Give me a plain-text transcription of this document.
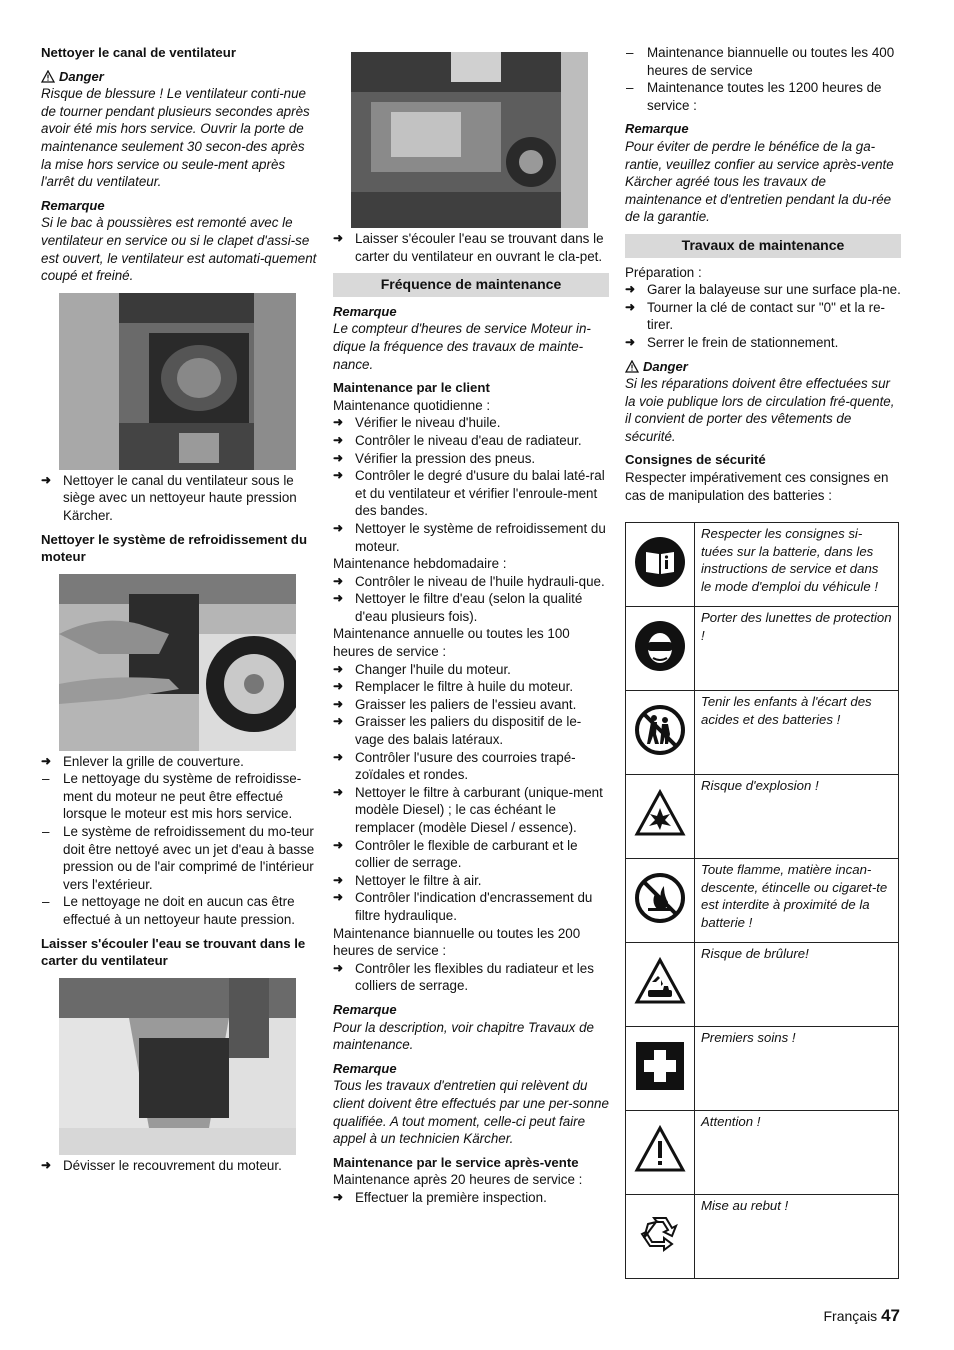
Nettoyer le canal de ventilateur

Danger

Risque de blessure ! Le ventilateur conti-nue de tourner pendant plusieurs secondes après avoir été mis hors service. Ouvrir la porte de maintenance seulement 30 secon-des après la mise hors service ou seule-ment après l'arrêt du ventilateur.

Remarque

Si le bac à poussières est remonté avec le ventilateur en service ou si le clapet d'assi-se est ouvert, le ventilateur est automati-quement coupé et freiné.

➜ Nettoyer le canal du ventilateur sous le siège avec un nettoyeur haute pression Kärcher.

Nettoyer le système de refroidissement du moteur

➜ Enlever la grille de couverture.
– Le nettoyage du système de refroidisse-ment du moteur ne peut être effectué lorsque le moteur est mis hors service.
– Le système de refroidissement du mo-teur doit être nettoyé avec un jet d'eau à basse pression ou de l'air comprimé de l'intérieur vers l'extérieur.
– Le nettoyage ne doit en aucun cas être effectué à un nettoyeur haute pression.

Laisser s'écouler l'eau se trouvant dans le carter du ventilateur

➜ Dévisser le recouvrement du moteur.
➜ Laisser s'écouler l'eau se trouvant dans le carter du ventilateur en ouvrant le cla-pet.
Fréquence de maintenance

Remarque

Le compteur d'heures de service Moteur in-dique la fréquence des travaux de mainte-nance.

Maintenance par le client

Maintenance quotidienne :

➜ Vérifier le niveau d'huile.
➜ Contrôler le niveau d'eau de radiateur.
➜ Vérifier la pression des pneus.
➜ Contrôler le degré d'usure du balai laté-ral et du ventilateur et vérifier l'enroule-ment des bandes.
➜ Nettoyer le système de refroidissement du moteur.

Maintenance hebdomadaire :

➜ Contrôler le niveau de l'huile hydrauli-que.
➜ Nettoyer le filtre d'eau (selon la qualité d'eau plusieurs fois).

Maintenance annuelle ou toutes les 100 heures de service :

➜ Changer l'huile du moteur.
➜ Remplacer le filtre à huile du moteur.
➜ Graisser les paliers de l'essieu avant.
➜ Graisser les paliers du dispositif de le-vage des balais latéraux.
➜ Contrôler l'usure des courroies trapé-zoïdales et rondes.
➜ Nettoyer le filtre à carburant (unique-ment modèle Diesel) ; le cas échéant le remplacer (modèle Diesel / essence).
➜ Contrôler le flexible de carburant et le collier de serrage.
➜ Nettoyer le filtre à air.
➜ Contrôler l'indication d'encrassement du filtre hydraulique.

Maintenance biannuelle ou toutes les 200 heures de service :

➜ Contrôler les flexibles du radiateur et les colliers de serrage.

Remarque

Pour la description, voir chapitre Travaux de maintenance.

Remarque

Tous les travaux d'entretien qui relèvent du client doivent être effectués par une per-sonne qualifiée. A tout moment, celle-ci peut faire appel à un technicien Kärcher.

Maintenance par le service après-vente

Maintenance après 20 heures de service :

➜ Effectuer la première inspection.
– Maintenance biannuelle ou toutes les 400 heures de service
– Maintenance toutes les 1200 heures de service :

Remarque

Pour éviter de perdre le bénéfice de la ga-rantie, veuillez confier au service après-vente Kärcher agréé tous les travaux de maintenance et d'entretien pendant la du-rée de la garantie.

Travaux de maintenance

Préparation :

➜ Garer la balayeuse sur une surface pla-ne.
➜ Tourner la clé de contact sur "0" et la re-tirer.
➜ Serrer le frein de stationnement.

Danger

Si les réparations doivent être effectuées sur la voie publique lors de circulation fré-quente, il convient de porter des vêtements de sécurité.

Consignes de sécurité

Respecter impérativement ces consignes en cas de manipulation des batteries :

	Respecter les consignes si-tuées sur la batterie, dans les instructions de service et dans le mode d'emploi du véhicule !
	Porter des lunettes de protection !
	Tenir les enfants à l'écart des acides et des batteries !
	Risque d'explosion !
	Toute flamme, matière incan-descente, étincelle ou cigaret-te est interdite à proximité de la batterie !
	Risque de brûlure!
	Premiers soins !
	Attention !
	Mise au rebut !
Français 47
